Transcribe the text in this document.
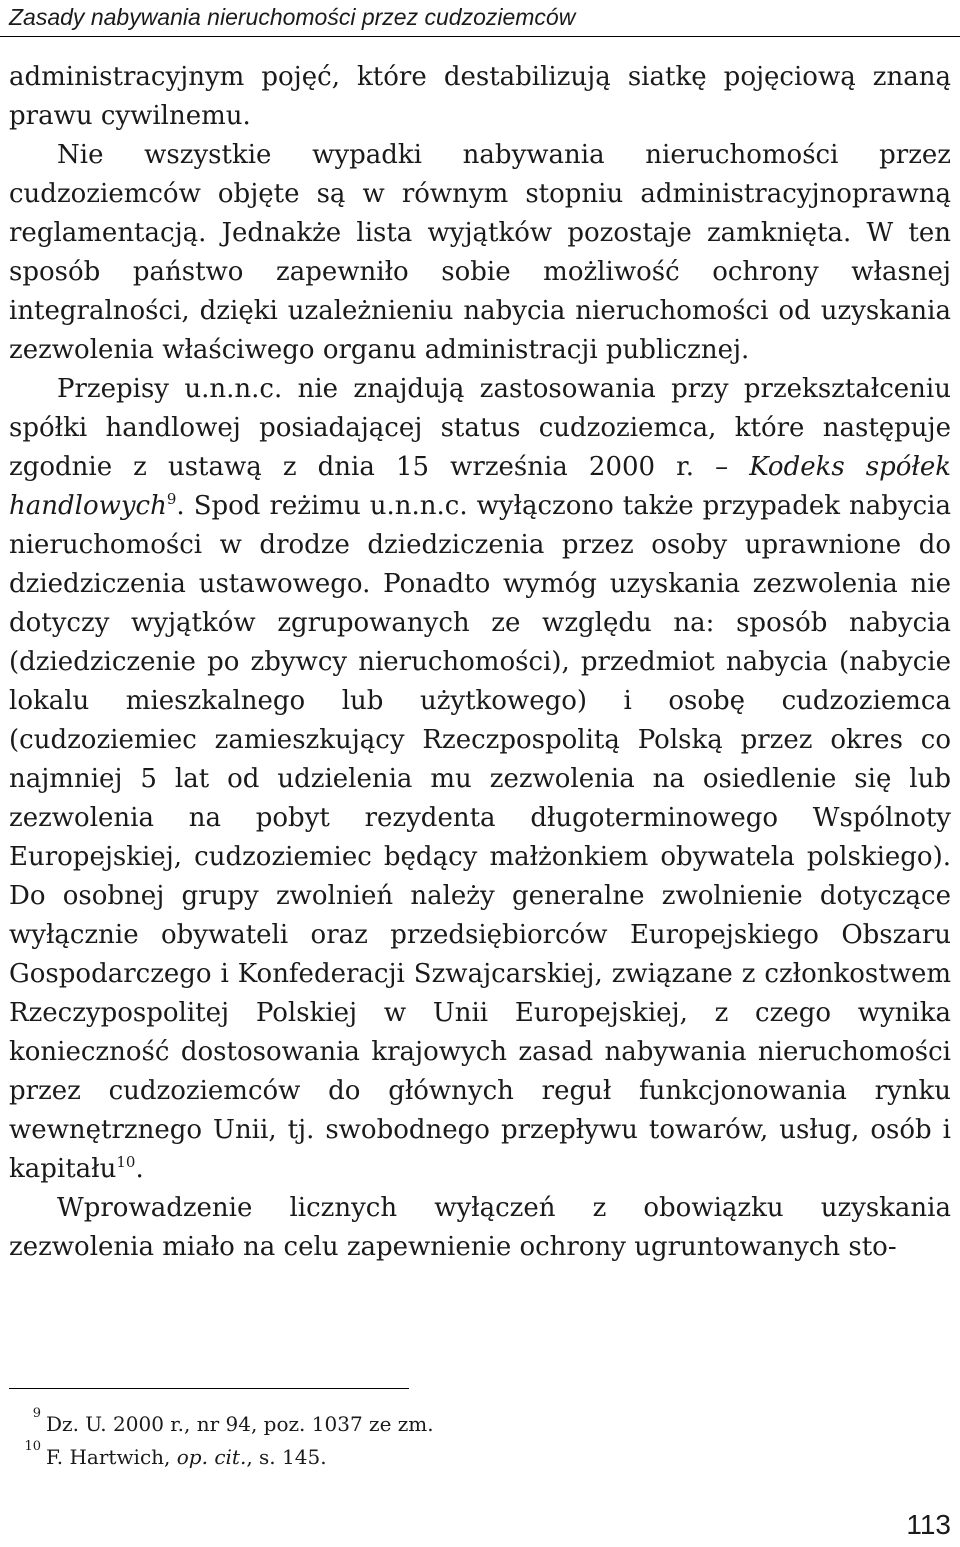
Zasady nabywania nieruchomości przez cudzoziemców

administracyjnym pojęć, które destabilizują siatkę pojęciową znaną prawu cywilnemu.

Nie wszystkie wypadki nabywania nieruchomości przez cudzoziemców objęte są w równym stopniu administracyjnoprawną reglamentacją. Jednakże lista wyjątków pozostaje zamknięta. W ten sposób państwo zapewniło sobie możliwość ochrony własnej integralności, dzięki uzależnieniu nabycia nieruchomości od uzyskania zezwolenia właściwego organu administracji publicznej.

Przepisy u.n.n.c. nie znajdują zastosowania przy przekształceniu spółki handlowej posiadającej status cudzoziemca, które następuje zgodnie z ustawą z dnia 15 września 2000 r. – Kodeks spółek handlowych$^9$. Spod reżimu u.n.n.c. wyłączono także przypadek nabycia nieruchomości w drodze dziedziczenia przez osoby uprawnione do dziedziczenia ustawowego. Ponadto wymóg uzyskania zezwolenia nie dotyczy wyjątków zgrupowanych ze względu na: sposób nabycia (dziedziczenie po zbywcy nieruchomości), przedmiot nabycia (nabycie lokalu mieszkalnego lub użytkowego) i osobę cudzoziemca (cudzoziemiec zamieszkujący Rzeczpospolitą Polską przez okres co najmniej 5 lat od udzielenia mu zezwolenia na osiedlenie się lub zezwolenia na pobyt rezydenta długoterminowego Wspólnoty Europejskiej, cudzoziemiec będący małżonkiem obywatela polskiego). Do osobnej grupy zwolnień należy generalne zwolnienie dotyczące wyłącznie obywateli oraz przedsiębiorców Europejskiego Obszaru Gospodarczego i Konfederacji Szwajcarskiej, związane z członkostwem Rzeczypospolitej Polskiej w Unii Europejskiej, z czego wynika konieczność dostosowania krajowych zasad nabywania nieruchomości przez cudzoziemców do głównych reguł funkcjonowania rynku wewnętrznego Unii, tj. swobodnego przepływu towarów, usług, osób i kapitału$^{10}$.

Wprowadzenie licznych wyłączeń z obowiązku uzyskania zezwolenia miało na celu zapewnienie ochrony ugruntowanych sto-

9 Dz. U. 2000 r., nr 94, poz. 1037 ze zm.
10 F. Hartwich, op. cit., s. 145.
113
